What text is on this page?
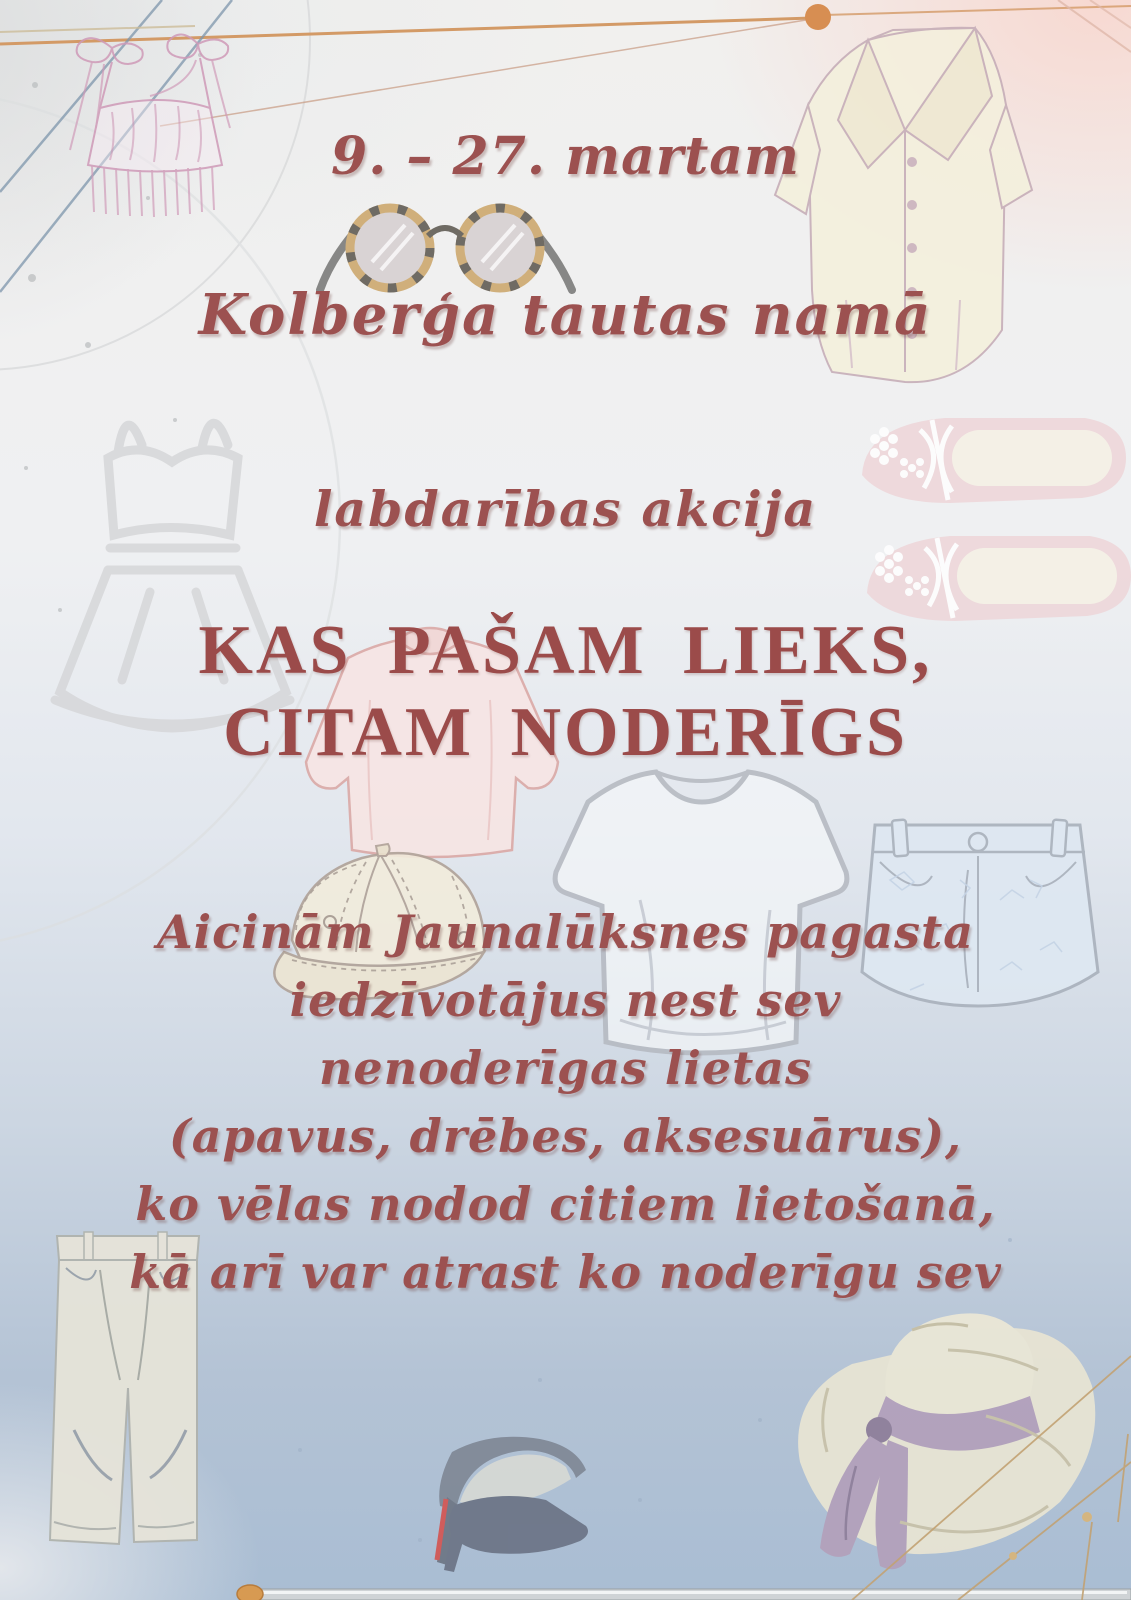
9. – 27. martam
Kolberģa tautas namā
labdarības akcija
KAS PAŠAM LIEKS,
CITAM NODERĪGS
Aicinām Jaunalūksnes pagasta
iedzīvotājus nest sev
nenoderīgas lietas
(apavus, drēbes, aksesuārus),
ko vēlas nodod citiem lietošanā,
kā arī var atrast ko noderīgu sev
